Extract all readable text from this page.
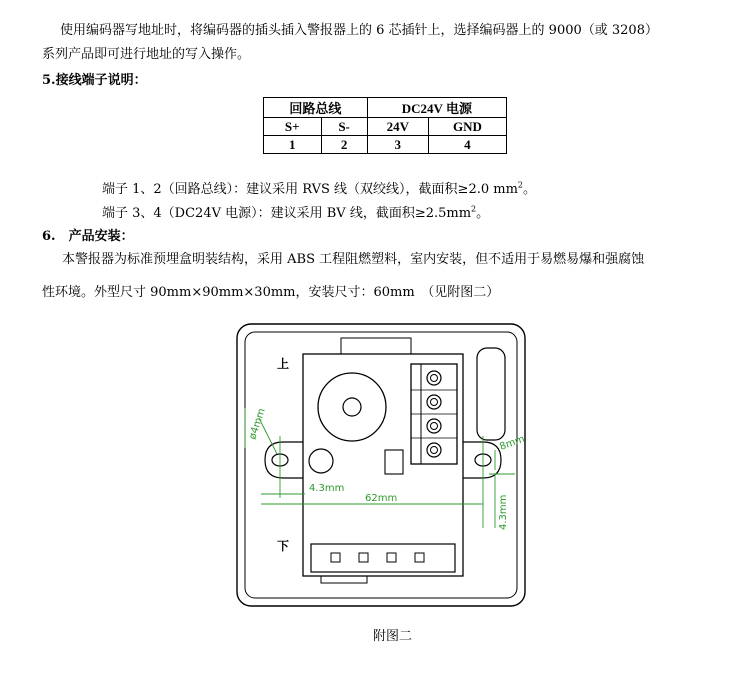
使用编码器写地址时，将编码器的插头插入警报器上的 6 芯插针上，选择编码器上的 9000（或 3208）
系列产品即可进行地址的写入操作。
5.接线端子说明：
回路总线		DC24V 电源	
S+	S-	24V	GND
1	2	3	4
端子 1、2（回路总线）：建议采用 RVS 线（双绞线），截面积≥2.0 $mm^2$。
端子 3、4（DC24V 电源）：建议采用 BV 线，截面积$\ge 2.5mm^2$。
6.　产品安装：
本警报器为标准预埋盒明装结构，采用 ABS 工程阻燃塑料，室内安装，但不适用于易燃易爆和强腐蚀
性环境。外型尺寸 90mm×90mm×30mm，安装尺寸：60mm　（见附图二）
上
下
ø4mm
4.3mm
62mm
8mm
4.3mm
附图二
